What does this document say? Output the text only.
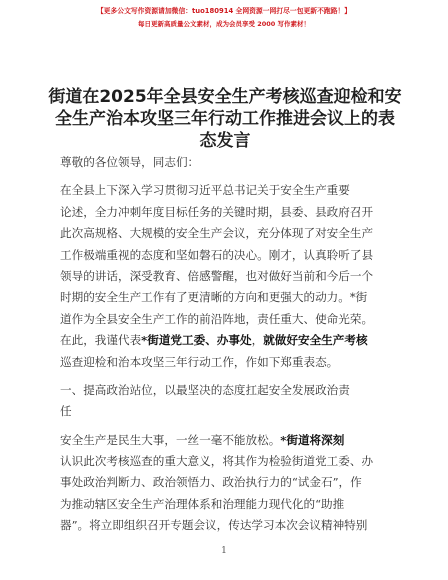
【更多公文写作资源请加微信：tuo180914 全网资源一网打尽一包更新不跑路！】
每日更新高质量公文素材，成为会员享受 2000 写作素材！
街道在2025年全县安全生产考核巡查迎检和安
全生产治本攻坚三年行动工作推进会议上的表
态发言
尊敬的各位领导，同志们：
在全县上下深入学习贯彻习近平总书记关于安全生产重要
论述，全力冲刺年度目标任务的关键时期，县委、县政府召开
此次高规格、大规模的安全生产会议，充分体现了对安全生产
工作极端重视的态度和坚如磐石的决心。刚才，认真聆听了县
领导的讲话，深受教育、倍感警醒，也对做好当前和今后一个
时期的安全生产工作有了更清晰的方向和更强大的动力。*街
道作为全县安全生产工作的前沿阵地，责任重大、使命光荣。
在此，我谨代表*街道党工委、办事处，就做好安全生产考核
巡查迎检和治本攻坚三年行动工作，作如下郑重表态。
一、提高政治站位，以最坚决的态度扛起安全发展政治责
任
安全生产是民生大事，一丝一毫不能放松。*街道将深刻
认识此次考核巡查的重大意义，将其作为检验街道党工委、办
事处政治判断力、政治领悟力、政治执行力的“试金石”，作
为推动辖区安全生产治理体系和治理能力现代化的“助推
器”。将立即组织召开专题会议，传达学习本次会议精神特别
1
